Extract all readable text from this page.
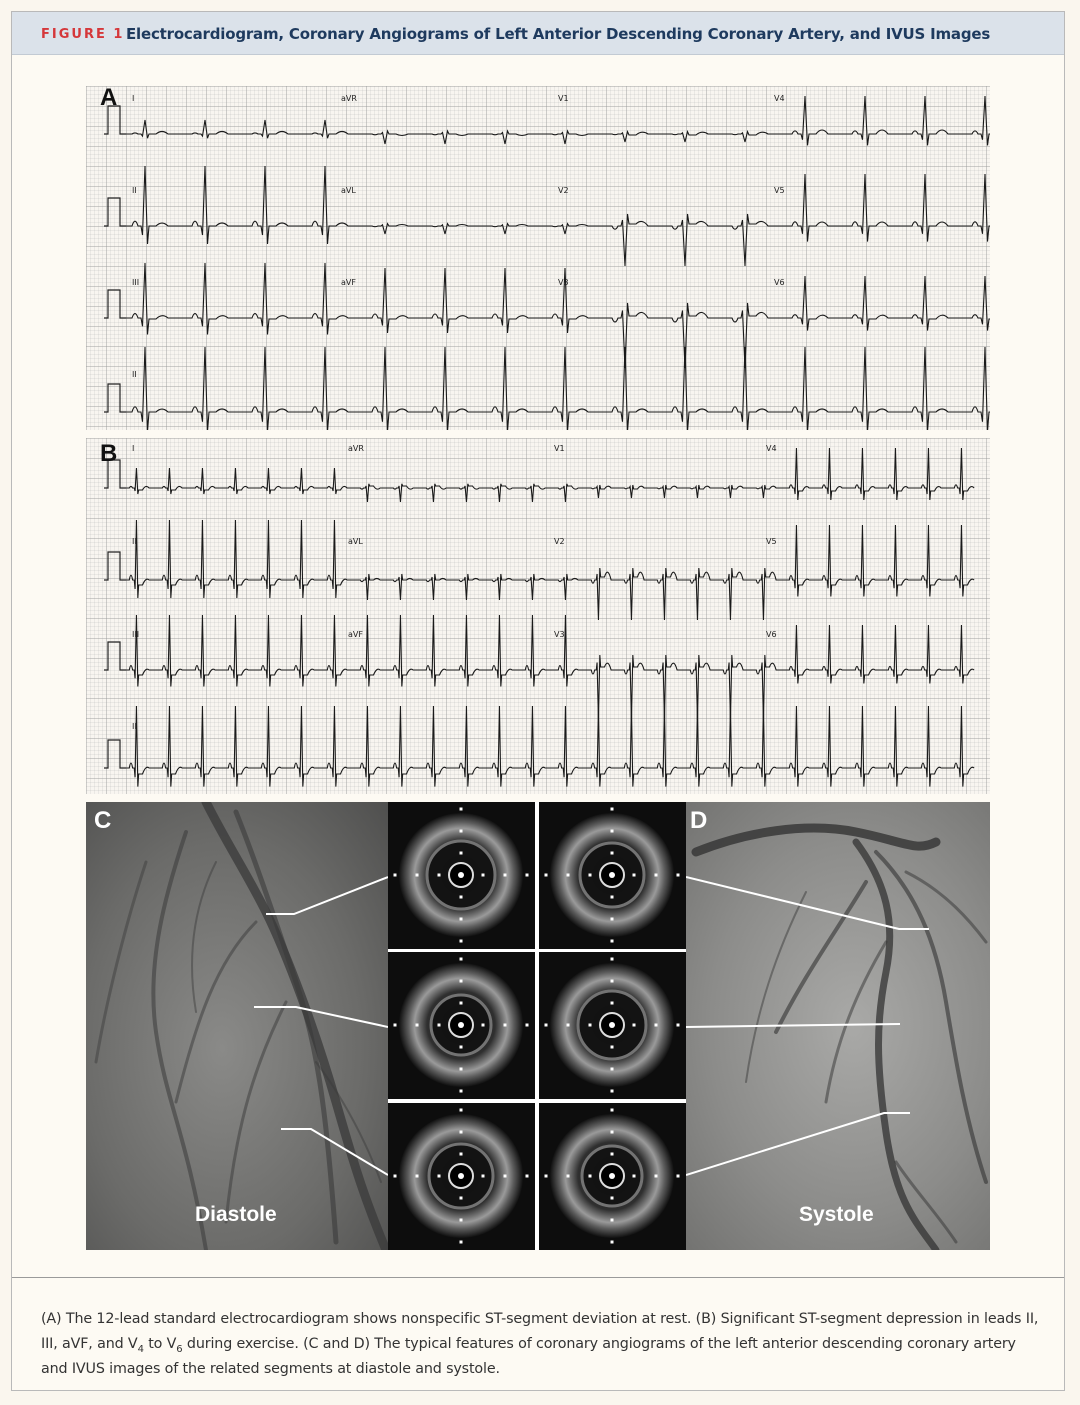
FIGURE 1 Electrocardiogram, Coronary Angiograms of Left Anterior Descending Coronary Artery, and IVUS Images
(A) The 12-lead standard electrocardiogram shows nonspecific ST-segment deviation at rest. (B) Significant ST-segment depression in leads II, III, aVF, and $V_4$ to $V_6$ during exercise. (C and D) The typical features of coronary angiograms of the left anterior descending coronary artery and IVUS images of the related segments at diastole and systole.
A I	aVR	V1	V4
II	aVL	V2	V5
III	aVF	V3	V6
II
B I	aVR	V1	V4
II	aVL	V2	V5
III	aVF	V3	V6
II
C
Diastole
D
Systole
